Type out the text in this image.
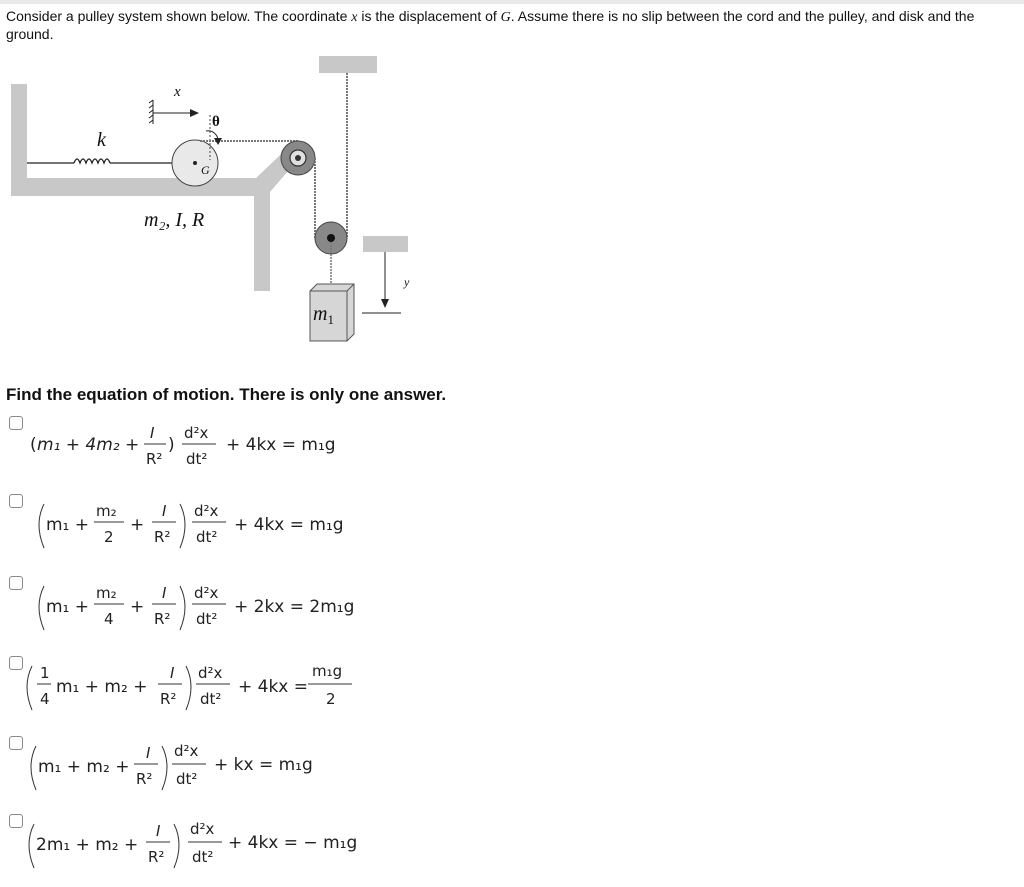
Consider a pulley system shown below. The coordinate x is the displacement of G. Assume there is no slip between the cord and the pulley, and disk and the ground.
k
G
x
θ
$m_1$
y
m₂, I, R
Find the equation of motion. There is only one answer.
( m₁ + 4m₂ +
I
R²
)
d²x
dt²
+ 4kx = m₁g
m₁ +
m₂
2
+
I
R²
d²x
dt²
+ 4kx = m₁g
m₁ +
m₂
4
+
I
R²
d²x
dt²
+ 2kx = 2m₁g
1
4
m₁ + m₂ +
I
R²
d²x
dt²
+ 4kx =
m₁g
2
m₁ + m₂ +
I
R²
d²x
dt²
+ kx = m₁g
2m₁ + m₂ +
I
R²
d²x
dt²
+ 4kx = − m₁g
